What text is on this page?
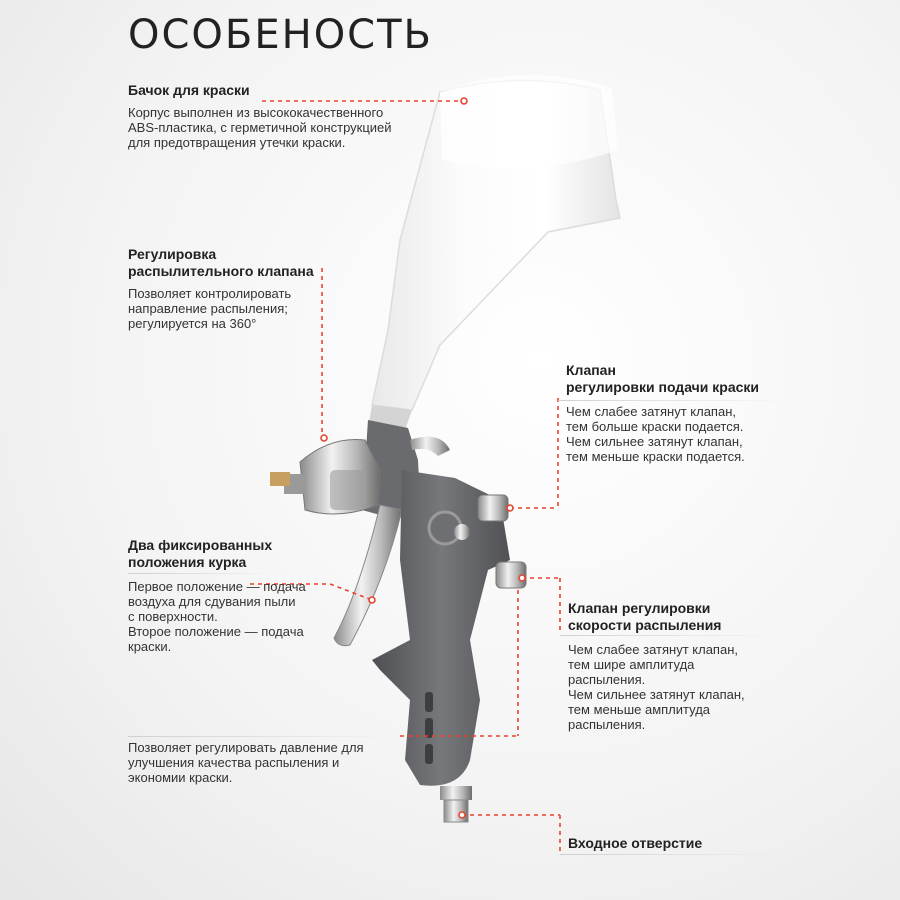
ОСОБЕНОСТЬ
Бачок для краски
Корпус выполнен из высококачественного
ABS-пластика, с герметичной конструкцией
для предотвращения утечки краски.
Регулировка
распылительного клапана
Позволяет контролировать
направление распыления;
регулируется на 360°
Клапан
регулировки подачи краски
Чем слабее затянут клапан,
тем больше краски подается.
Чем сильнее затянут клапан,
тем меньше краски подается.
Два фиксированных
положения курка
Первое положение — подача
воздуха для сдувания пыли
с поверхности.
Второе положение — подача
краски.
Клапан регулировки
скорости распыления
Чем слабее затянут клапан,
тем шире амплитуда
распыления.
Чем сильнее затянут клапан,
тем меньше амплитуда
распыления.
Позволяет регулировать давление для
улучшения качества распыления и
экономии краски.
Входное отверстие
